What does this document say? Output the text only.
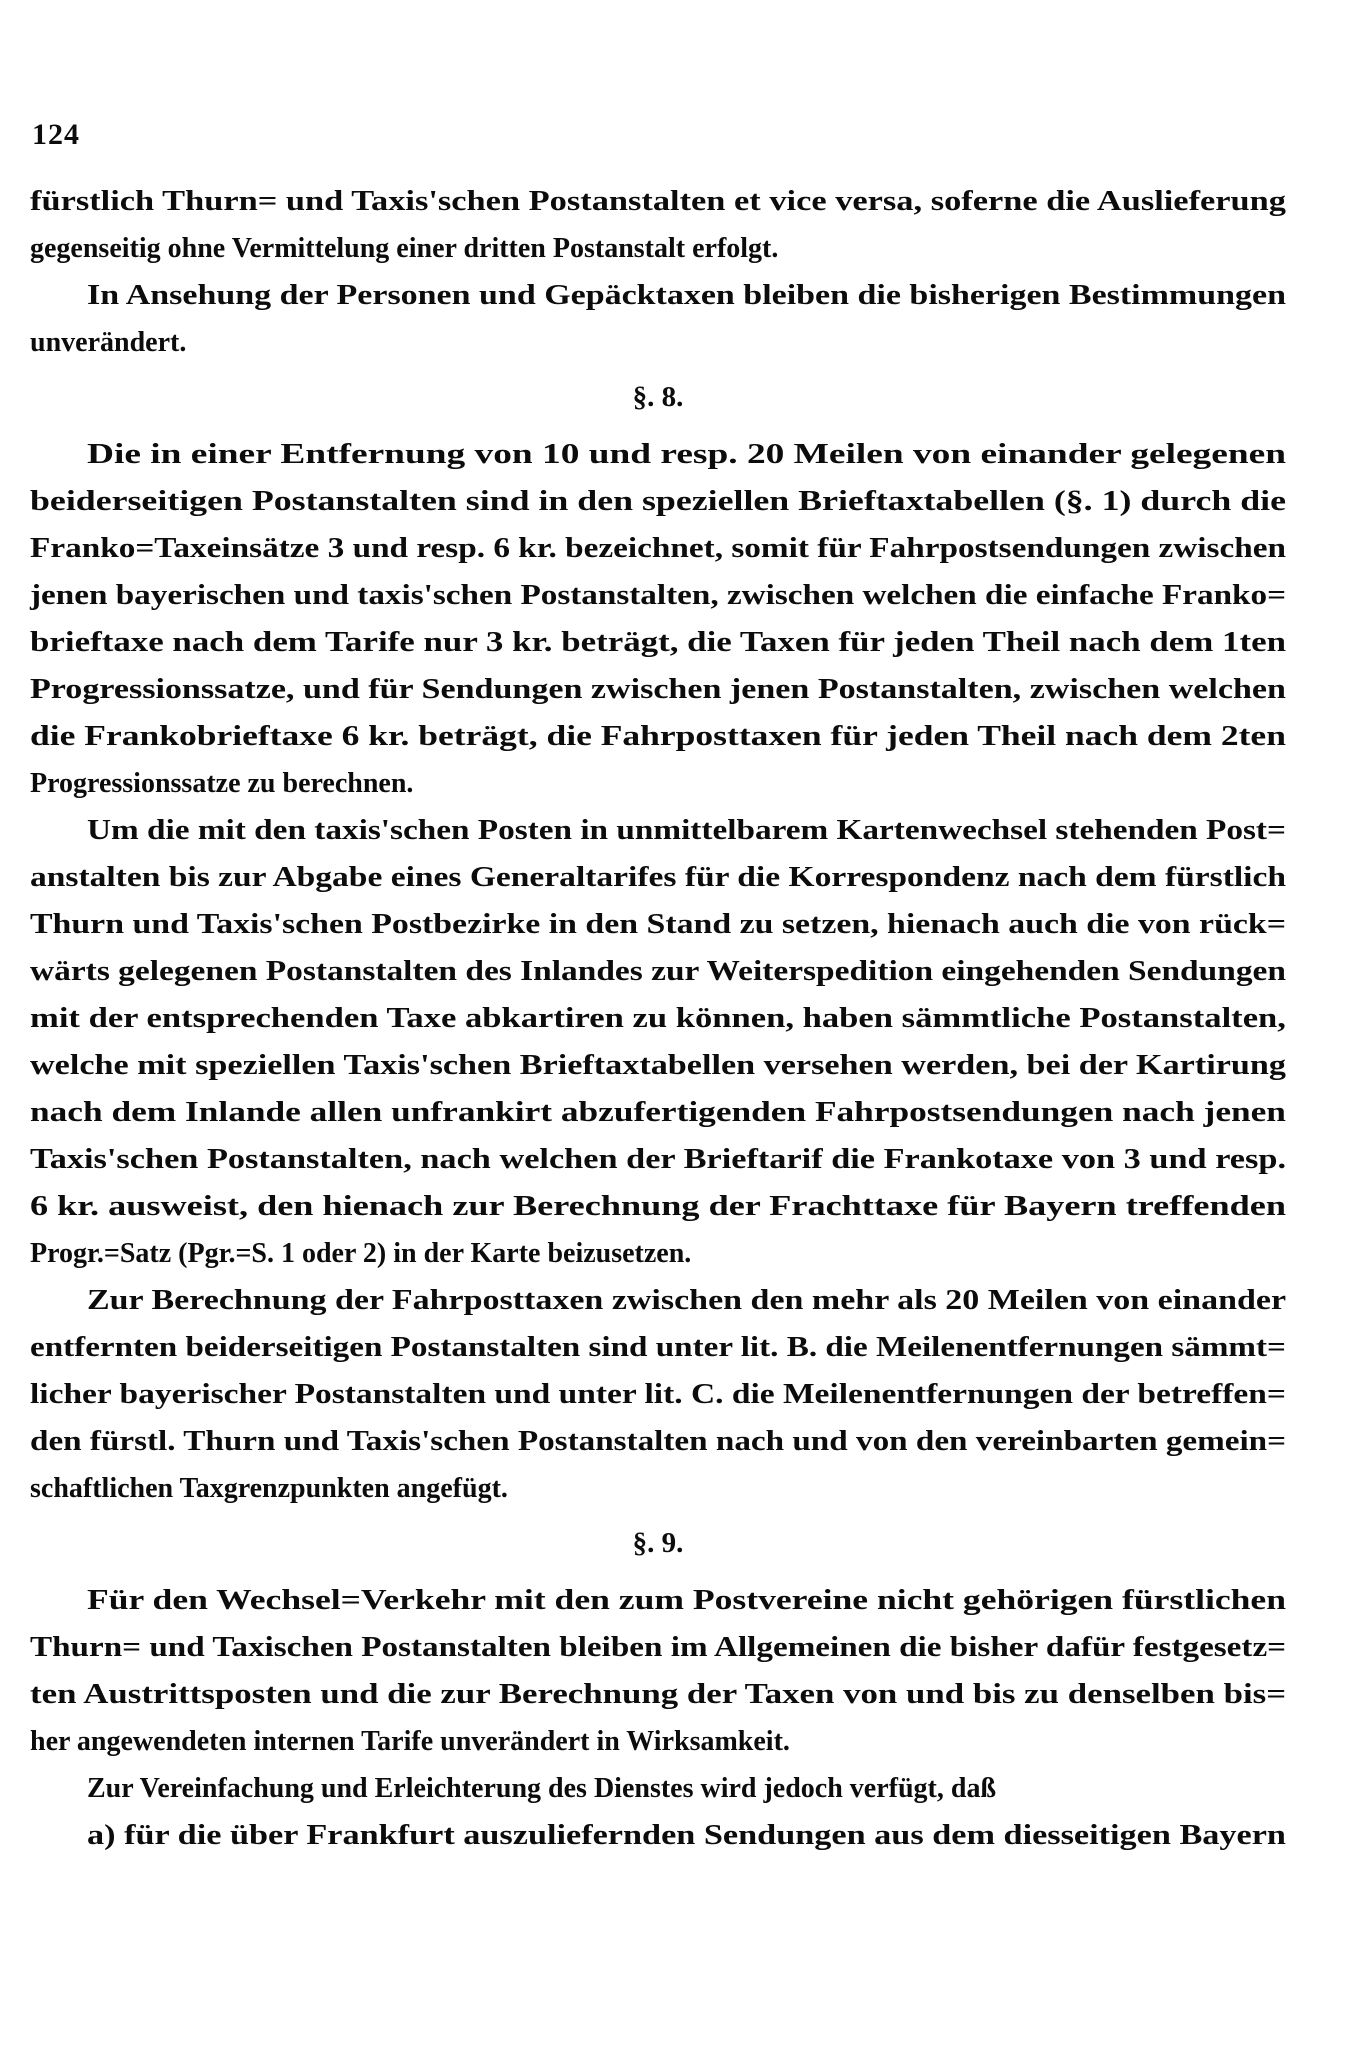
124
fürstlich Thurn= und Taxis'schen Postanstalten et vice versa, soferne die Auslieferung
gegenseitig ohne Vermittelung einer dritten Postanstalt erfolgt.
In Ansehung der Personen und Gepäcktaxen bleiben die bisherigen Bestimmungen
unverändert.
§. 8.
Die in einer Entfernung von 10 und resp. 20 Meilen von einander gelegenen
beiderseitigen Postanstalten sind in den speziellen Brieftaxtabellen (§. 1) durch die
Franko=Taxeinsätze 3 und resp. 6 kr. bezeichnet, somit für Fahrpostsendungen zwischen
jenen bayerischen und taxis'schen Postanstalten, zwischen welchen die einfache Franko=
brieftaxe nach dem Tarife nur 3 kr. beträgt, die Taxen für jeden Theil nach dem 1ten
Progressionssatze, und für Sendungen zwischen jenen Postanstalten, zwischen welchen
die Frankobrieftaxe 6 kr. beträgt, die Fahrposttaxen für jeden Theil nach dem 2ten
Progressionssatze zu berechnen.
Um die mit den taxis'schen Posten in unmittelbarem Kartenwechsel stehenden Post=
anstalten bis zur Abgabe eines Generaltarifes für die Korrespondenz nach dem fürstlich
Thurn und Taxis'schen Postbezirke in den Stand zu setzen, hienach auch die von rück=
wärts gelegenen Postanstalten des Inlandes zur Weiterspedition eingehenden Sendungen
mit der entsprechenden Taxe abkartiren zu können, haben sämmtliche Postanstalten,
welche mit speziellen Taxis'schen Brieftaxtabellen versehen werden, bei der Kartirung
nach dem Inlande allen unfrankirt abzufertigenden Fahrpostsendungen nach jenen
Taxis'schen Postanstalten, nach welchen der Brieftarif die Frankotaxe von 3 und resp.
6 kr. ausweist, den hienach zur Berechnung der Frachttaxe für Bayern treffenden
Progr.=Satz (Pgr.=S. 1 oder 2) in der Karte beizusetzen.
Zur Berechnung der Fahrposttaxen zwischen den mehr als 20 Meilen von einander
entfernten beiderseitigen Postanstalten sind unter lit. B. die Meilenentfernungen sämmt=
licher bayerischer Postanstalten und unter lit. C. die Meilenentfernungen der betreffen=
den fürstl. Thurn und Taxis'schen Postanstalten nach und von den vereinbarten gemein=
schaftlichen Taxgrenzpunkten angefügt.
§. 9.
Für den Wechsel=Verkehr mit den zum Postvereine nicht gehörigen fürstlichen
Thurn= und Taxischen Postanstalten bleiben im Allgemeinen die bisher dafür festgesetz=
ten Austrittsposten und die zur Berechnung der Taxen von und bis zu denselben bis=
her angewendeten internen Tarife unverändert in Wirksamkeit.
Zur Vereinfachung und Erleichterung des Dienstes wird jedoch verfügt, daß
a) für die über Frankfurt auszuliefernden Sendungen aus dem diesseitigen Bayern
